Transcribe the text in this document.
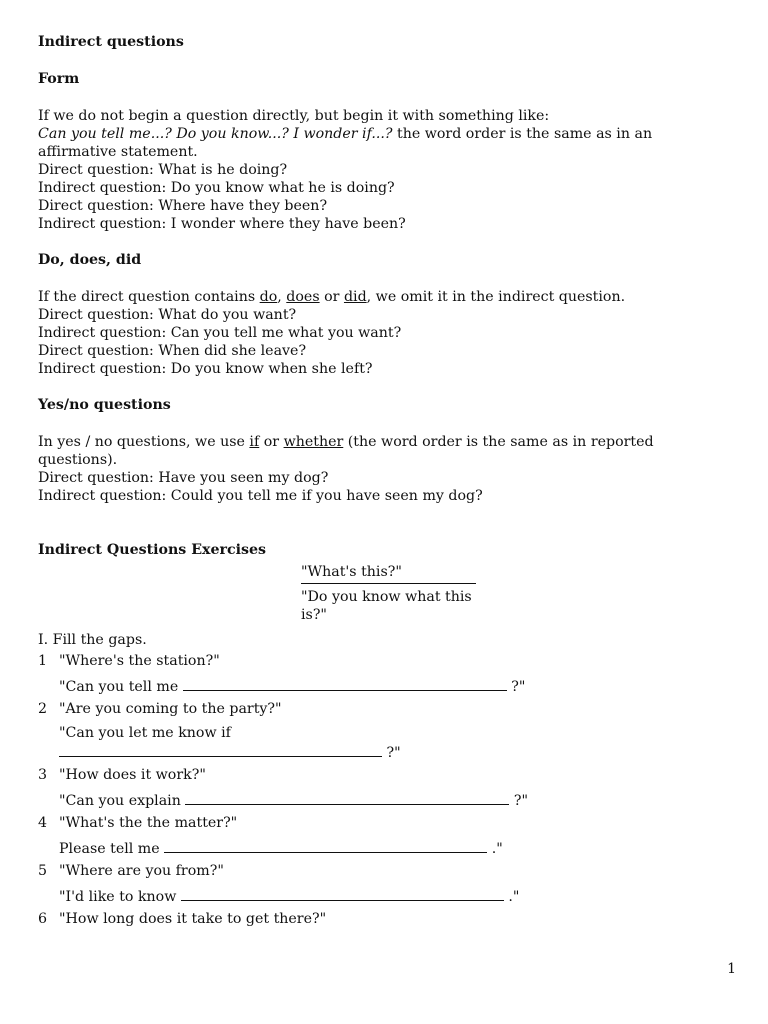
Indirect questions
Form
If we do not begin a question directly, but begin it with something like:
Can you tell me...? Do you know...? I wonder if...? the word order is the same as in an
affirmative statement.
Direct question: What is he doing?
Indirect question: Do you know what he is doing?
Direct question: Where have they been?
Indirect question: I wonder where they have been?
Do, does, did
If the direct question contains do, does or did, we omit it in the indirect question.
Direct question: What do you want?
Indirect question: Can you tell me what you want?
Direct question: When did she leave?
Indirect question: Do you know when she left?
Yes/no questions
In yes / no questions, we use if or whether (the word order is the same as in reported
questions).
Direct question: Have you seen my dog?
Indirect question: Could you tell me if you have seen my dog?
Indirect Questions Exercises
"What's this?"
"Do you know what this is?"
I. Fill the gaps.
1 "Where's the station?"
"Can you tell me	?"
2 "Are you coming to the party?"
"Can you let me know if
?"
3 "How does it work?"
"Can you explain	?"
4 "What's the the matter?"
Please tell me	."
5 "Where are you from?"
"I'd like to know	."
6 "How long does it take to get there?"
1
